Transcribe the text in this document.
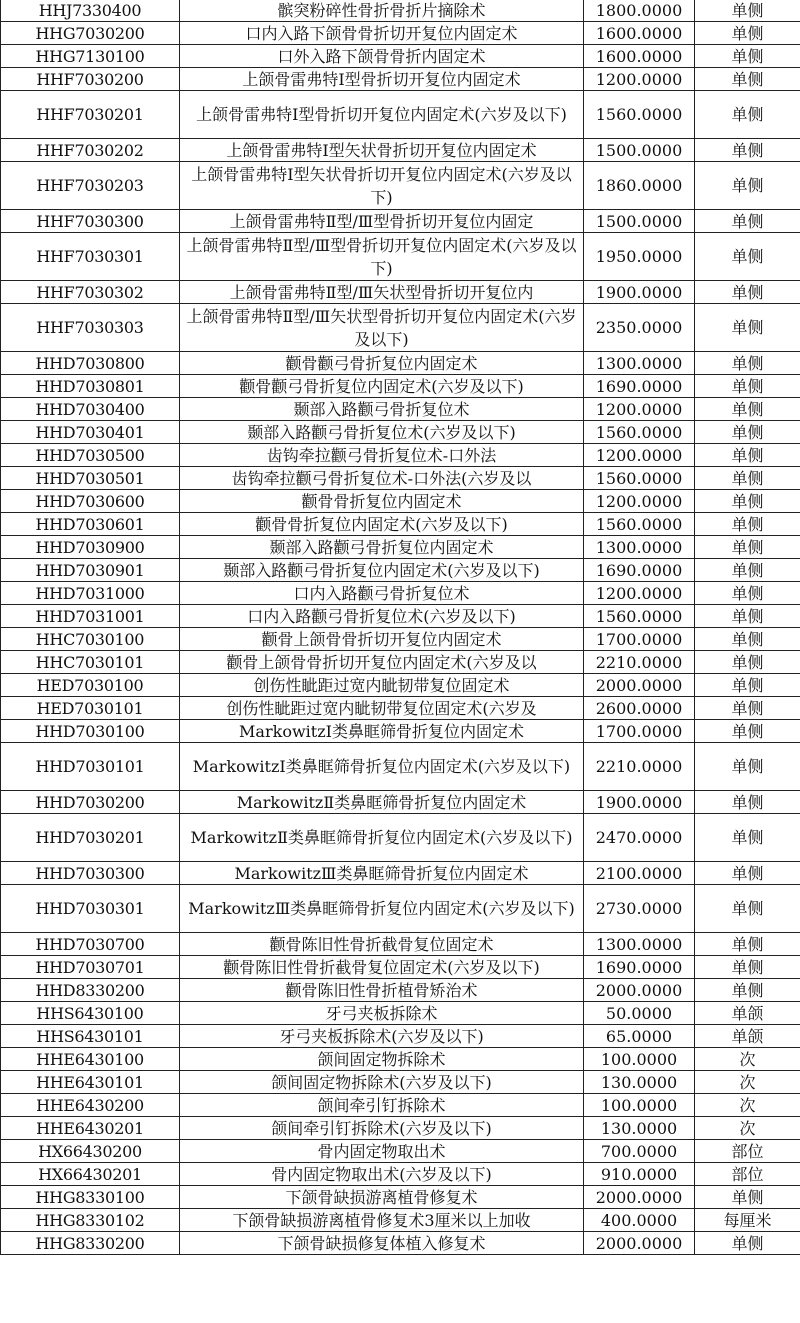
HHJ7330400	髌突粉碎性骨折骨折片摘除术	1800.0000	单侧
HHG7030200	口内入路下颌骨骨折切开复位内固定术	1600.0000	单侧
HHG7130100	口外入路下颌骨骨折内固定术	1600.0000	单侧
HHF7030200	上颌骨雷弗特Ⅰ型骨折切开复位内固定术	1200.0000	单侧
HHF7030201	上颌骨雷弗特Ⅰ型骨折切开复位内固定术(六岁及以下)	1560.0000	单侧
HHF7030202	上颌骨雷弗特Ⅰ型矢状骨折切开复位内固定术	1500.0000	单侧
HHF7030203	上颌骨雷弗特Ⅰ型矢状骨折切开复位内固定术(六岁及以下)	1860.0000	单侧
HHF7030300	上颌骨雷弗特Ⅱ型/Ⅲ型骨折切开复位内固定	1500.0000	单侧
HHF7030301	上颌骨雷弗特Ⅱ型/Ⅲ型骨折切开复位内固定术(六岁及以下)	1950.0000	单侧
HHF7030302	上颌骨雷弗特Ⅱ型/Ⅲ矢状型骨折切开复位内	1900.0000	单侧
HHF7030303	上颌骨雷弗特Ⅱ型/Ⅲ矢状型骨折切开复位内固定术(六岁及以下)	2350.0000	单侧
HHD7030800	颧骨颧弓骨折复位内固定术	1300.0000	单侧
HHD7030801	颧骨颧弓骨折复位内固定术(六岁及以下)	1690.0000	单侧
HHD7030400	颞部入路颧弓骨折复位术	1200.0000	单侧
HHD7030401	颞部入路颧弓骨折复位术(六岁及以下)	1560.0000	单侧
HHD7030500	齿钩牵拉颧弓骨折复位术-口外法	1200.0000	单侧
HHD7030501	齿钩牵拉颧弓骨折复位术-口外法(六岁及以	1560.0000	单侧
HHD7030600	颧骨骨折复位内固定术	1200.0000	单侧
HHD7030601	颧骨骨折复位内固定术(六岁及以下)	1560.0000	单侧
HHD7030900	颞部入路颧弓骨折复位内固定术	1300.0000	单侧
HHD7030901	颞部入路颧弓骨折复位内固定术(六岁及以下)	1690.0000	单侧
HHD7031000	口内入路颧弓骨折复位术	1200.0000	单侧
HHD7031001	口内入路颧弓骨折复位术(六岁及以下)	1560.0000	单侧
HHC7030100	颧骨上颌骨骨折切开复位内固定术	1700.0000	单侧
HHC7030101	颧骨上颌骨骨折切开复位内固定术(六岁及以	2210.0000	单侧
HED7030100	创伤性眦距过宽内眦韧带复位固定术	2000.0000	单侧
HED7030101	创伤性眦距过宽内眦韧带复位固定术(六岁及	2600.0000	单侧
HHD7030100	MarkowitzⅠ类鼻眶筛骨折复位内固定术	1700.0000	单侧
HHD7030101	MarkowitzⅠ类鼻眶筛骨折复位内固定术(六岁及以下)	2210.0000	单侧
HHD7030200	MarkowitzⅡ类鼻眶筛骨折复位内固定术	1900.0000	单侧
HHD7030201	MarkowitzⅡ类鼻眶筛骨折复位内固定术(六岁及以下)	2470.0000	单侧
HHD7030300	MarkowitzⅢ类鼻眶筛骨折复位内固定术	2100.0000	单侧
HHD7030301	MarkowitzⅢ类鼻眶筛骨折复位内固定术(六岁及以下)	2730.0000	单侧
HHD7030700	颧骨陈旧性骨折截骨复位固定术	1300.0000	单侧
HHD7030701	颧骨陈旧性骨折截骨复位固定术(六岁及以下)	1690.0000	单侧
HHD8330200	颧骨陈旧性骨折植骨矫治术	2000.0000	单侧
HHS6430100	牙弓夹板拆除术	50.0000	单颌
HHS6430101	牙弓夹板拆除术(六岁及以下)	65.0000	单颌
HHE6430100	颌间固定物拆除术	100.0000	次
HHE6430101	颌间固定物拆除术(六岁及以下)	130.0000	次
HHE6430200	颌间牵引钉拆除术	100.0000	次
HHE6430201	颌间牵引钉拆除术(六岁及以下)	130.0000	次
HX66430200	骨内固定物取出术	700.0000	部位
HX66430201	骨内固定物取出术(六岁及以下)	910.0000	部位
HHG8330100	下颌骨缺损游离植骨修复术	2000.0000	单侧
HHG8330102	下颌骨缺损游离植骨修复术3厘米以上加收	400.0000	每厘米
HHG8330200	下颌骨缺损修复体植入修复术	2000.0000	单侧
